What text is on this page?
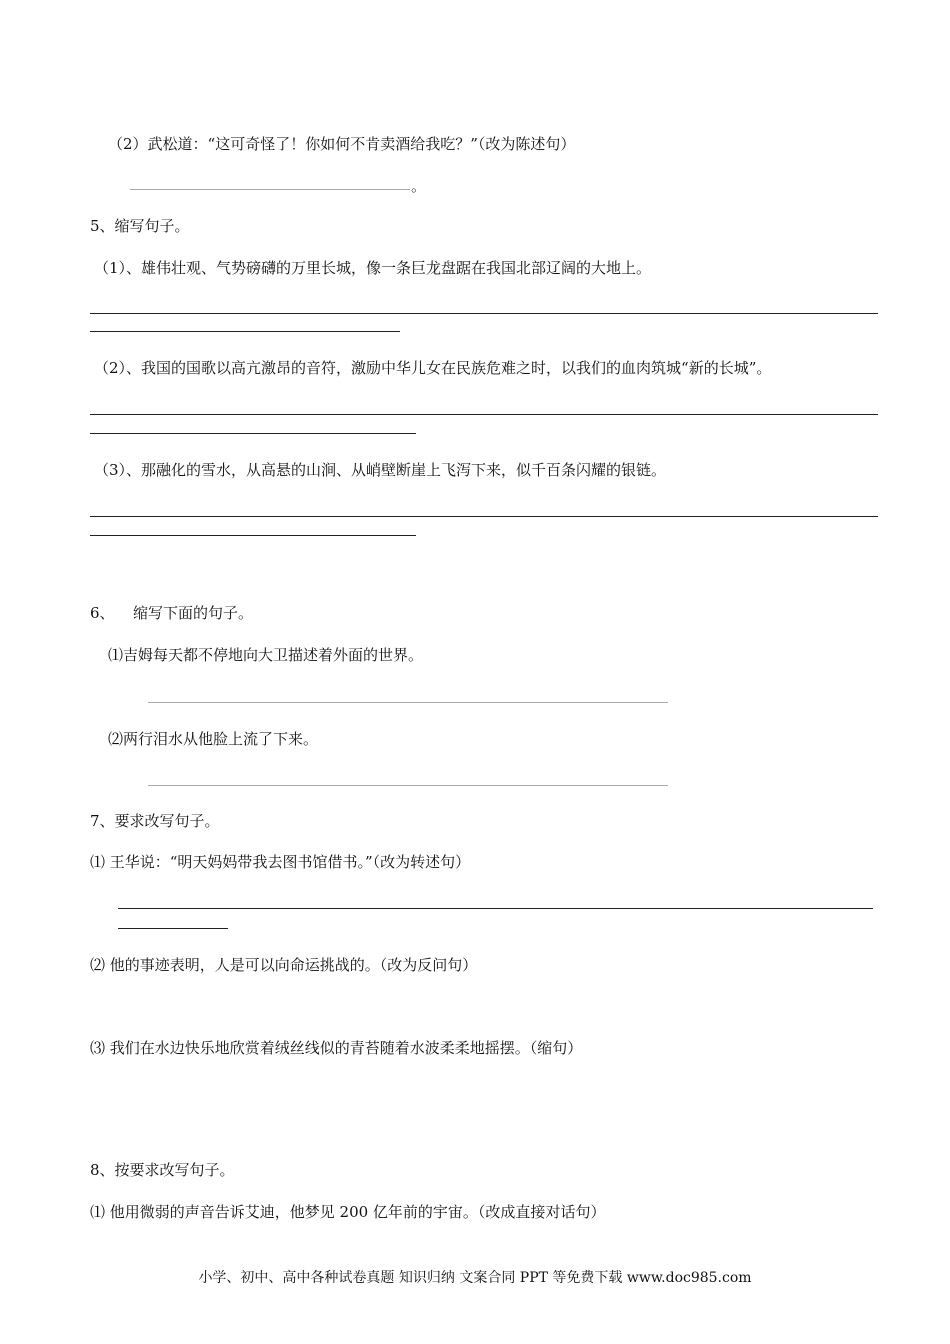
（2）武松道：“这可奇怪了！你如何不肯卖酒给我吃？”（改为陈述句）
。
5、缩写句子。
（1）、雄伟壮观、气势磅礴的万里长城，像一条巨龙盘踞在我国北部辽阔的大地上。
（2）、我国的国歌以高亢激昂的音符，激励中华儿女在民族危难之时，以我们的血肉筑城“新的长城”。
（3）、那融化的雪水，从高悬的山涧、从峭壁断崖上飞泻下来，似千百条闪耀的银链。
6、 缩写下面的句子。
⑴吉姆每天都不停地向大卫描述着外面的世界。
⑵两行泪水从他脸上流了下来。
7、要求改写句子。
⑴ 王华说：“明天妈妈带我去图书馆借书。”（改为转述句）
⑵ 他的事迹表明，人是可以向命运挑战的。（改为反问句）
⑶ 我们在水边快乐地欣赏着绒丝线似的青苔随着水波柔柔地摇摆。（缩句）
8、按要求改写句子。
⑴ 他用微弱的声音告诉艾迪，他梦见 200 亿年前的宇宙。（改成直接对话句）
小学、初中、高中各种试卷真题 知识归纳 文案合同 PPT 等免费下载 www.doc985.com
